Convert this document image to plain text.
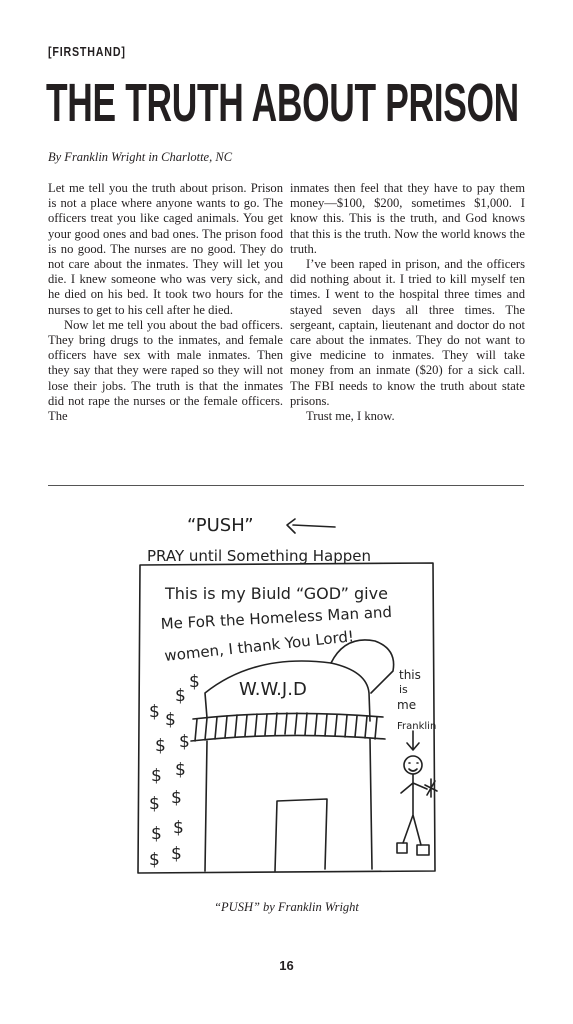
[FIRSTHAND]
THE TRUTH ABOUT PRISON
By Franklin Wright in Charlotte, NC

Let me tell you the truth about prison. Prison is not a place where anyone wants to go. The officers treat you like caged animals. You get your good ones and bad ones. The prison food is no good. The nurses are no good. They do not care about the inmates. They will let you die. I knew someone who was very sick, and he died on his bed. It took two hours for the nurses to get to his cell after he died.

Now let me tell you about the bad officers. They bring drugs to the inmates, and female officers have sex with male inmates. Then they say that they were raped so they will not lose their jobs. The truth is that the inmates did not rape the nurses or the female officers. The

inmates then feel that they have to pay them money—$100, $200, sometimes $1,000. I know this. This is the truth, and God knows that this is the truth. Now the world knows the truth.

I’ve been raped in prison, and the officers did nothing about it. I tried to kill myself ten times. I went to the hospital three times and stayed seven days all three times. The sergeant, captain, lieutenant and doctor do not care about the inmates. They do not want to give medicine to inmates. They will take money from an inmate ($20) for a sick call. The FBI needs to know the truth about state prisons.

Trust me, I know.

“PUSH”
PRAY until Something Happen
This is my Biuld “GOD” give
Me FoR the Homeless Man and
women, I thank You Lord!
W.W.J.D
this
is
me
Franklin
$
$
$
$
$
$
$
$
$
$
$
$
$
$
“PUSH” by Franklin Wright
16
